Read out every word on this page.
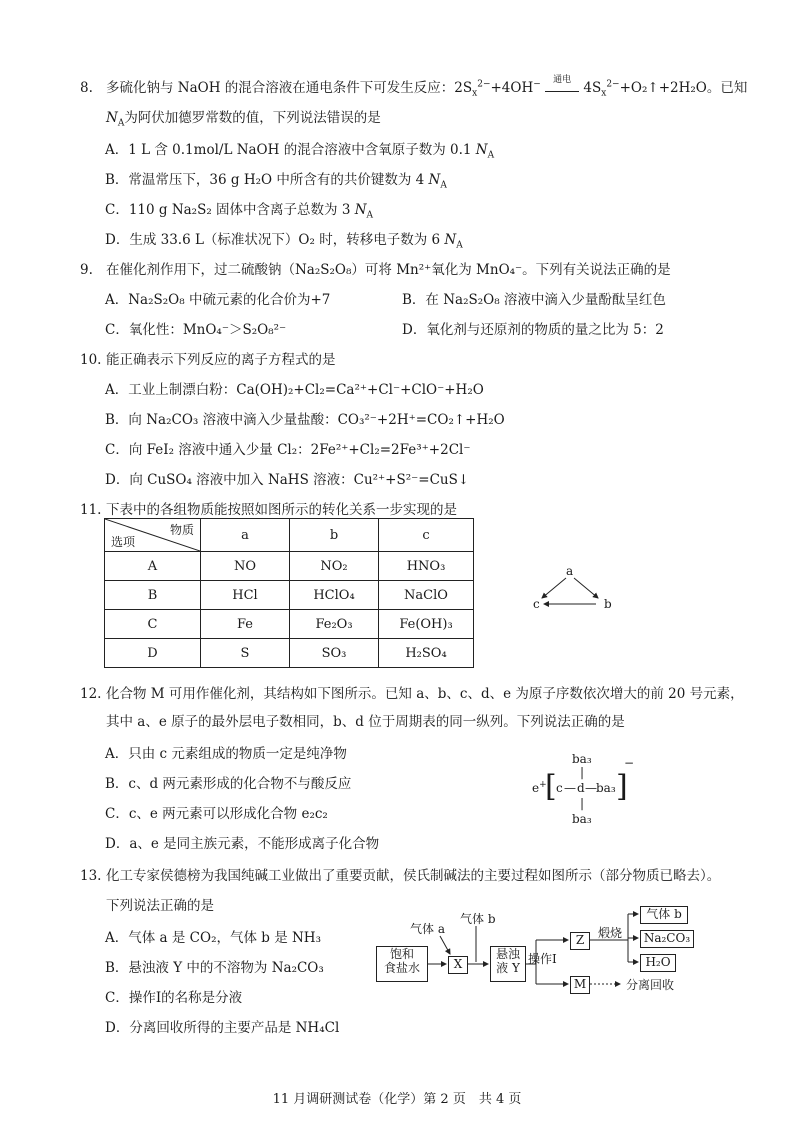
8. 多硫化钠与 NaOH 的混合溶液在通电条件下可发生反应：$2S_x^{2-}+4OH^-$	通电 $4S_x^{2-}+O_2↑+2H_2O$。已知
$N_A$为阿伏加德罗常数的值，下列说法错误的是
A．1 L 含 0.1mol/L NaOH 的混合溶液中含氧原子数为 0.1 $N_A$
B．常温常压下，36 g H₂O 中所含有的共价键数为 4 $N_A$
C．110 g Na₂S₂ 固体中含离子总数为 3 $N_A$
D．生成 33.6 L（标准状况下）O₂ 时，转移电子数为 6 $N_A$
9. 在催化剂作用下，过二硫酸钠（Na₂S₂O₈）可将 Mn²⁺氧化为 MnO₄⁻。下列有关说法正确的是
A．Na₂S₂O₈ 中硫元素的化合价为+7	B．在 Na₂S₂O₈ 溶液中滴入少量酚酞呈红色
C．氧化性：MnO₄⁻＞S₂O₈²⁻	D．氧化剂与还原剂的物质的量之比为 5：2
10. 能正确表示下列反应的离子方程式的是
A．工业上制漂白粉：Ca(OH)₂+Cl₂=Ca²⁺+Cl⁻+ClO⁻+H₂O
B．向 Na₂CO₃ 溶液中滴入少量盐酸：CO₃²⁻+2H⁺=CO₂↑+H₂O
C．向 FeI₂ 溶液中通入少量 Cl₂：2Fe²⁺+Cl₂=2Fe³⁺+2Cl⁻
D．向 CuSO₄ 溶液中加入 NaHS 溶液：Cu²⁺+S²⁻=CuS↓
11. 下表中的各组物质能按照如图所示的转化关系一步实现的是
物质
选项	a	b	c
A	NO	NO₂	HNO₃
B	HCl	HClO₄	NaClO
C	Fe	Fe₂O₃	Fe(OH)₃
D	S	SO₃	H₂SO₄
a
c	b
12. 化合物 M 可用作催化剂，其结构如下图所示。已知 a、b、c、d、e 为原子序数依次增大的前 20 号元素，
其中 a、e 原子的最外层电子数相同，b、d 位于周期表的同一纵列。下列说法正确的是
A．只由 c 元素组成的物质一定是纯净物
B．c、d 两元素形成的化合物不与酸反应
C．c、e 两元素可以形成化合物 e₂c₂
D．a、e 是同主族元素，不能形成离子化合物
e+
[ c — d — ba₃
ba₃
|
|
ba₃
]
−
13. 化工专家侯德榜为我国纯碱工业做出了重要贡献，侯氏制碱法的主要过程如图所示（部分物质已略去）。
下列说法正确的是
A．气体 a 是 CO₂，气体 b 是 NH₃
B．悬浊液 Y 中的不溶物为 Na₂CO₃
C．操作Ⅰ的名称是分液
D．分离回收所得的主要产品是 NH₄Cl
气体 a
气体 b
饱和
食盐水	X
悬浊
液 Y
操作Ⅰ
Z	煅烧
气体 b
Na₂CO₃
H₂O
M	分离回收
11 月调研测试卷（化学）第 2 页　共 4 页
